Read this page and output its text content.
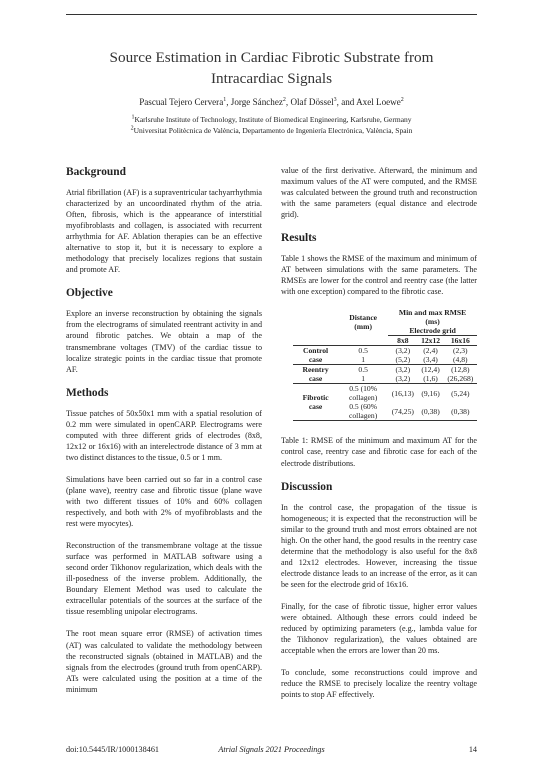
Source Estimation in Cardiac Fibrotic Substrate from
Intracardiac Signals
Pascual Tejero Cervera$^1$, Jorge Sánchez$^2$, Olaf Dössel$^3$, and Axel Loewe$^2$
$^1$Karlsruhe Institute of Technology, Institute of Biomedical Engineering, Karlsruhe, Germany
$^2$Universitat Politècnica de València, Departamento de Ingeniería Electrónica, València, Spain
Background

Atrial fibrillation (AF) is a supraventricular tachyarrhythmia characterized by an uncoordinated rhythm of the atria. Often, fibrosis, which is the appearance of interstitial myofibroblasts and collagen, is associated with recurrent arrhythmia for AF. Ablation therapies can be an effective alternative to stop it, but it is necessary to explore a methodology that precisely localizes regions that sustain and promote AF.

Objective

Explore an inverse reconstruction by obtaining the signals from the electrograms of simulated reentrant activity in and around fibrotic patches. We obtain a map of the transmembrane voltages (TMV) of the cardiac tissue to localize strategic points in the cardiac tissue that promote AF.

Methods

Tissue patches of 50x50x1 mm with a spatial resolution of 0.2 mm were simulated in openCARP. Electrograms were computed with three different grids of electrodes (8x8, 12x12 or 16x16) with an interelectrode distance of 3 mm at two distinct distances to the tissue, 0.5 or 1 mm.

Simulations have been carried out so far in a control case (plane wave), reentry case and fibrotic tissue (plane wave with two different tissues of 10% and 60% collagen respectively, and both with 2% of myofibroblasts and the rest were myocytes).

Reconstruction of the transmembrane voltage at the tissue surface was performed in MATLAB software using a second order Tikhonov regularization, which deals with the ill-posedness of the inverse problem. Additionally, the Boundary Element Method was used to calculate the extracellular potentials of the sources at the surface of the tissue resembling unipolar electrograms.

The root mean square error (RMSE) of activation times (AT) was calculated to validate the methodology between the reconstructed signals (obtained in MATLAB) and the signals from the electrodes (ground truth from openCARP). ATs were calculated using the position at a time of the minimum

value of the first derivative. Afterward, the minimum and maximum values of the AT were computed, and the RMSE was calculated between the ground truth and reconstruction with the same parameters (equal distance and electrode grid).

Results

Table 1 shows the RMSE of the maximum and minimum of AT between simulations with the same parameters. The RMSEs are lower for the control and reentry case (the latter with one exception) compared to the fibrotic case.

	Distance (mm)	Min and max RMSE (ms)		
		Electrode grid		
		8x8	12x12	16x16
Control case	0.5	(3,2)	(2,4)	(2,3)
	1	(5,2)	(3,4)	(4,8)
Reentry case	0.5	(3,2)	(12,4)	(12,8)
	1	(3,2)	(1,6)	(26,268)
Fibrotic case	0.5 (10% collagen)	(16,13)	(9,16)	(5,24)
	0.5 (60% collagen)	(74,25)	(0,38)	(0,38)

Table 1: RMSE of the minimum and maximum AT for the control case, reentry case and fibrotic case for each of the electrode distributions.

Discussion

In the control case, the propagation of the tissue is homogeneous; it is expected that the reconstruction will be similar to the ground truth and most errors obtained are not high. On the other hand, the good results in the reentry case determine that the methodology is also useful for the 8x8 and 12x12 electrodes. However, increasing the tissue electrode distance leads to an increase of the error, as it can be seen for the electrode grid of 16x16.

Finally, for the case of fibrotic tissue, higher error values were obtained. Although these errors could indeed be reduced by optimizing parameters (e.g., lambda value for the Tikhonov regularization), the values obtained are acceptable when the errors are lower than 20 ms.

To conclude, some reconstructions could improve and reduce the RMSE to precisely localize the reentry voltage points to stop AF effectively.

doi:10.5445/IR/1000138461	Atrial Signals 2021 Proceedings	14
